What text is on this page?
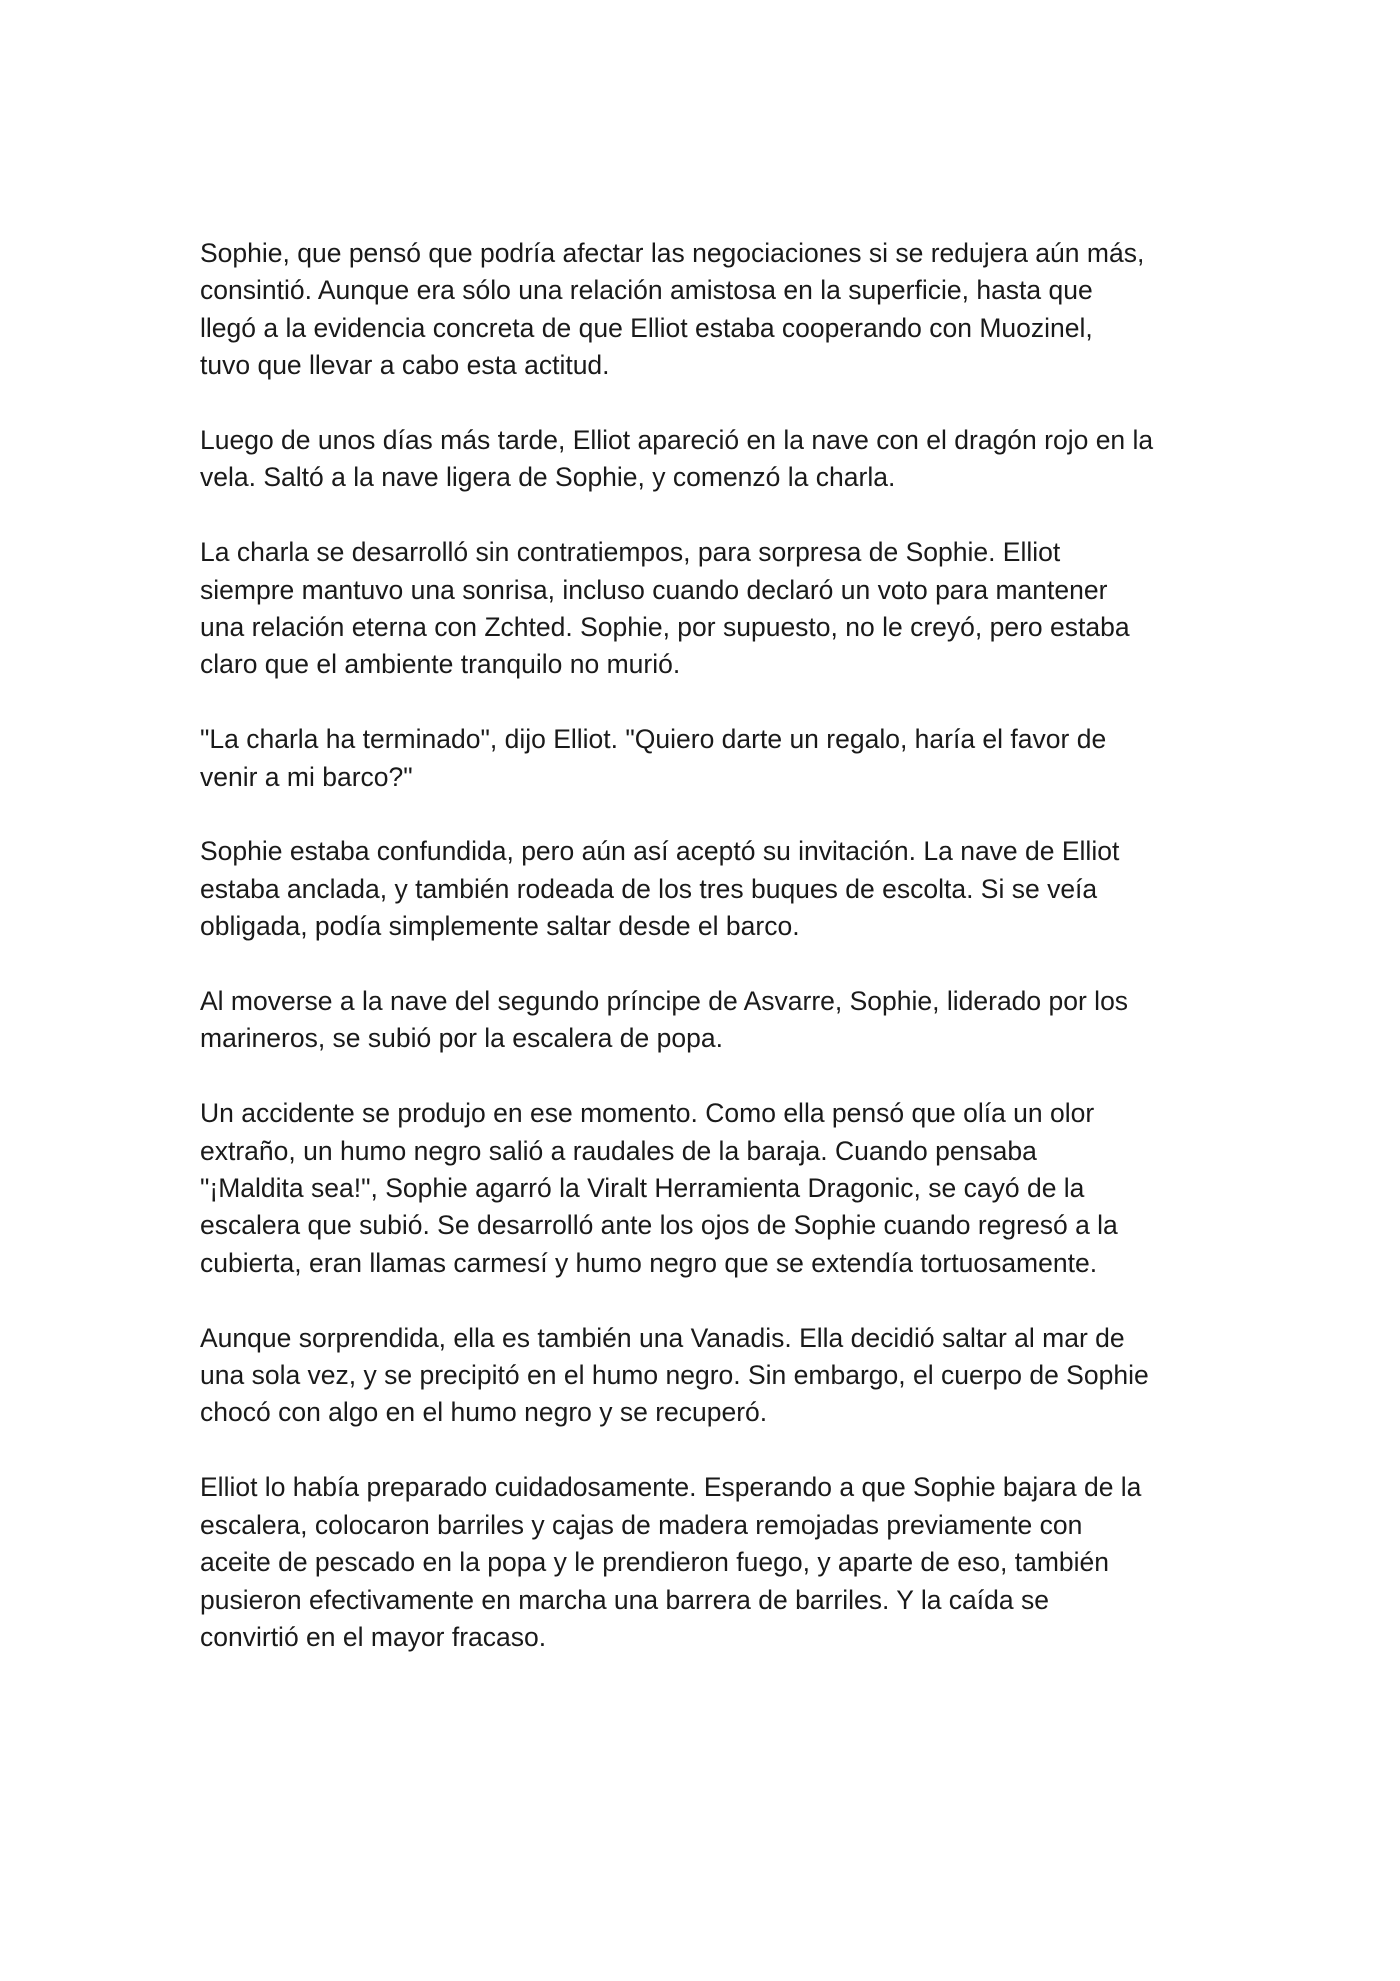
Sophie, que pensó que podría afectar las negociaciones si se redujera aún más,
consintió. Aunque era sólo una relación amistosa en la superficie, hasta que
llegó a la evidencia concreta de que Elliot estaba cooperando con Muozinel,
tuvo que llevar a cabo esta actitud.

Luego de unos días más tarde, Elliot apareció en la nave con el dragón rojo en la
vela. Saltó a la nave ligera de Sophie, y comenzó la charla.

La charla se desarrolló sin contratiempos, para sorpresa de Sophie. Elliot
siempre mantuvo una sonrisa, incluso cuando declaró un voto para mantener
una relación eterna con Zchted. Sophie, por supuesto, no le creyó, pero estaba
claro que el ambiente tranquilo no murió.

"La charla ha terminado", dijo Elliot. "Quiero darte un regalo, haría el favor de
venir a mi barco?"

Sophie estaba confundida, pero aún así aceptó su invitación. La nave de Elliot
estaba anclada, y también rodeada de los tres buques de escolta. Si se veía
obligada, podía simplemente saltar desde el barco.

Al moverse a la nave del segundo príncipe de Asvarre, Sophie, liderado por los
marineros, se subió por la escalera de popa.

Un accidente se produjo en ese momento. Como ella pensó que olía un olor
extraño, un humo negro salió a raudales de la baraja. Cuando pensaba
"¡Maldita sea!", Sophie agarró la Viralt Herramienta Dragonic, se cayó de la
escalera que subió. Se desarrolló ante los ojos de Sophie cuando regresó a la
cubierta, eran llamas carmesí y humo negro que se extendía tortuosamente.

Aunque sorprendida, ella es también una Vanadis. Ella decidió saltar al mar de
una sola vez, y se precipitó en el humo negro. Sin embargo, el cuerpo de Sophie
chocó con algo en el humo negro y se recuperó.

Elliot lo había preparado cuidadosamente. Esperando a que Sophie bajara de la
escalera, colocaron barriles y cajas de madera remojadas previamente con
aceite de pescado en la popa y le prendieron fuego, y aparte de eso, también
pusieron efectivamente en marcha una barrera de barriles. Y la caída se
convirtió en el mayor fracaso.
